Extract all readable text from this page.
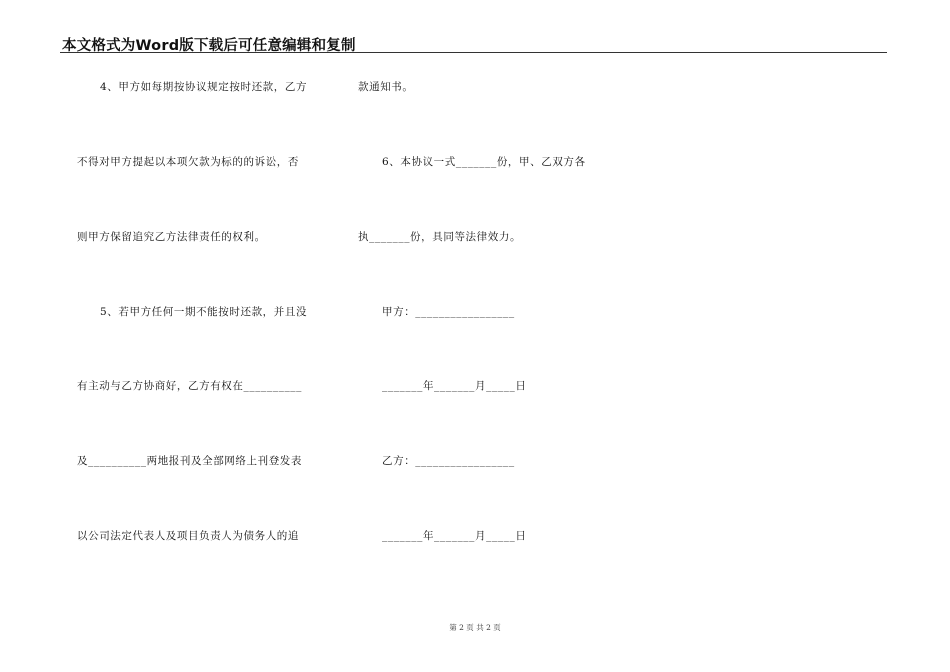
本文格式为Word版下载后可任意编辑和复制
4、甲方如每期按协议规定按时还款，乙方
不得对甲方提起以本项欠款为标的的诉讼，否
则甲方保留追究乙方法律责任的权利。
5、若甲方任何一期不能按时还款，并且没
有主动与乙方协商好，乙方有权在__________
及__________两地报刊及全部网络上刊登发表
以公司法定代表人及项目负责人为债务人的追
款通知书。
6、本协议一式_______份，甲、乙双方各
执_______份，具同等法律效力。
甲方：_________________
_______年_______月_____日
乙方：_________________
_______年_______月_____日
第 2 页 共 2 页
